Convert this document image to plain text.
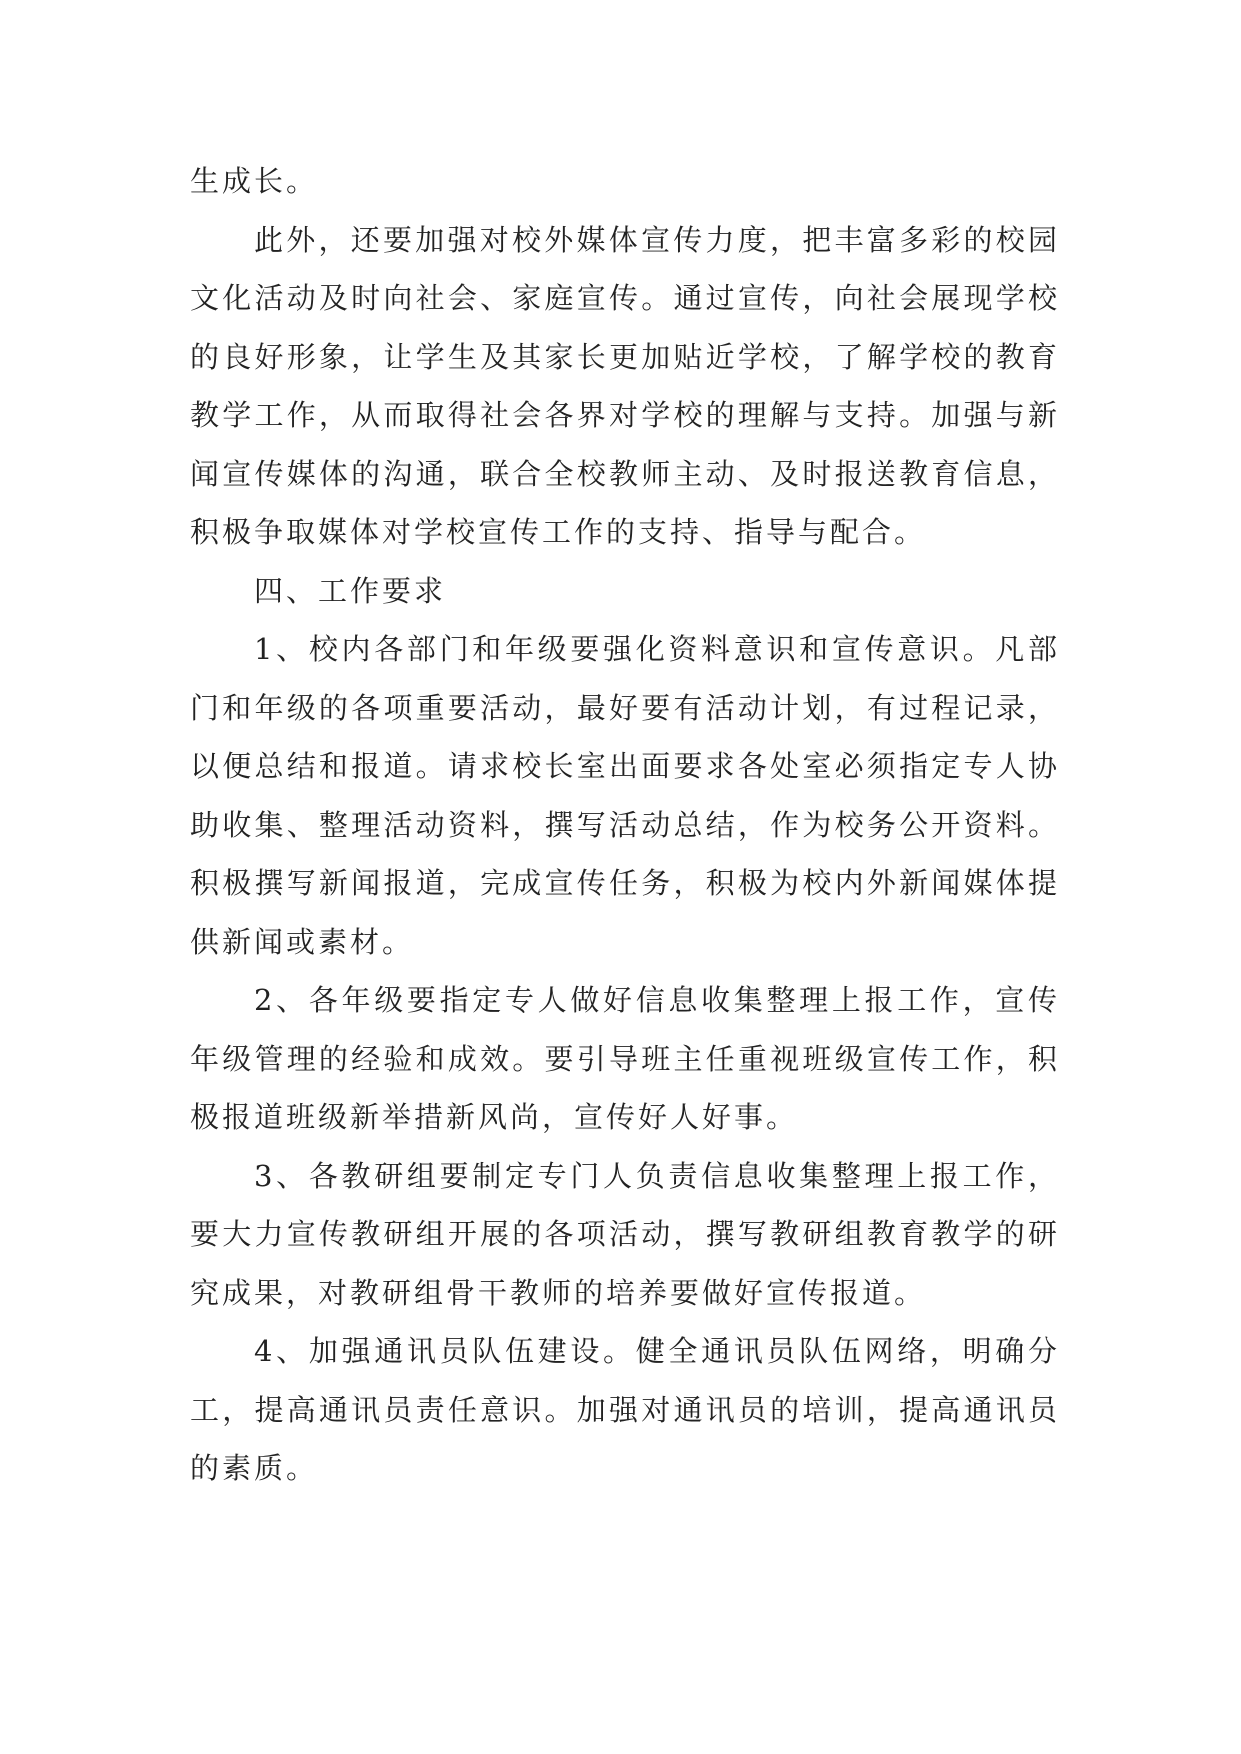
生成长。

此外，还要加强对校外媒体宣传力度，把丰富多彩的校园文化活动及时向社会、家庭宣传。通过宣传，向社会展现学校的良好形象，让学生及其家长更加贴近学校，了解学校的教育教学工作，从而取得社会各界对学校的理解与支持。加强与新闻宣传媒体的沟通，联合全校教师主动、及时报送教育信息，积极争取媒体对学校宣传工作的支持、指导与配合。

四、工作要求

1、校内各部门和年级要强化资料意识和宣传意识。凡部门和年级的各项重要活动，最好要有活动计划，有过程记录，以便总结和报道。请求校长室出面要求各处室必须指定专人协助收集、整理活动资料，撰写活动总结，作为校务公开资料。积极撰写新闻报道，完成宣传任务，积极为校内外新闻媒体提供新闻或素材。

2、各年级要指定专人做好信息收集整理上报工作，宣传年级管理的经验和成效。要引导班主任重视班级宣传工作，积极报道班级新举措新风尚，宣传好人好事。

3、各教研组要制定专门人负责信息收集整理上报工作，要大力宣传教研组开展的各项活动，撰写教研组教育教学的研究成果，对教研组骨干教师的培养要做好宣传报道。

4、加强通讯员队伍建设。健全通讯员队伍网络，明确分工，提高通讯员责任意识。加强对通讯员的培训，提高通讯员的素质。
